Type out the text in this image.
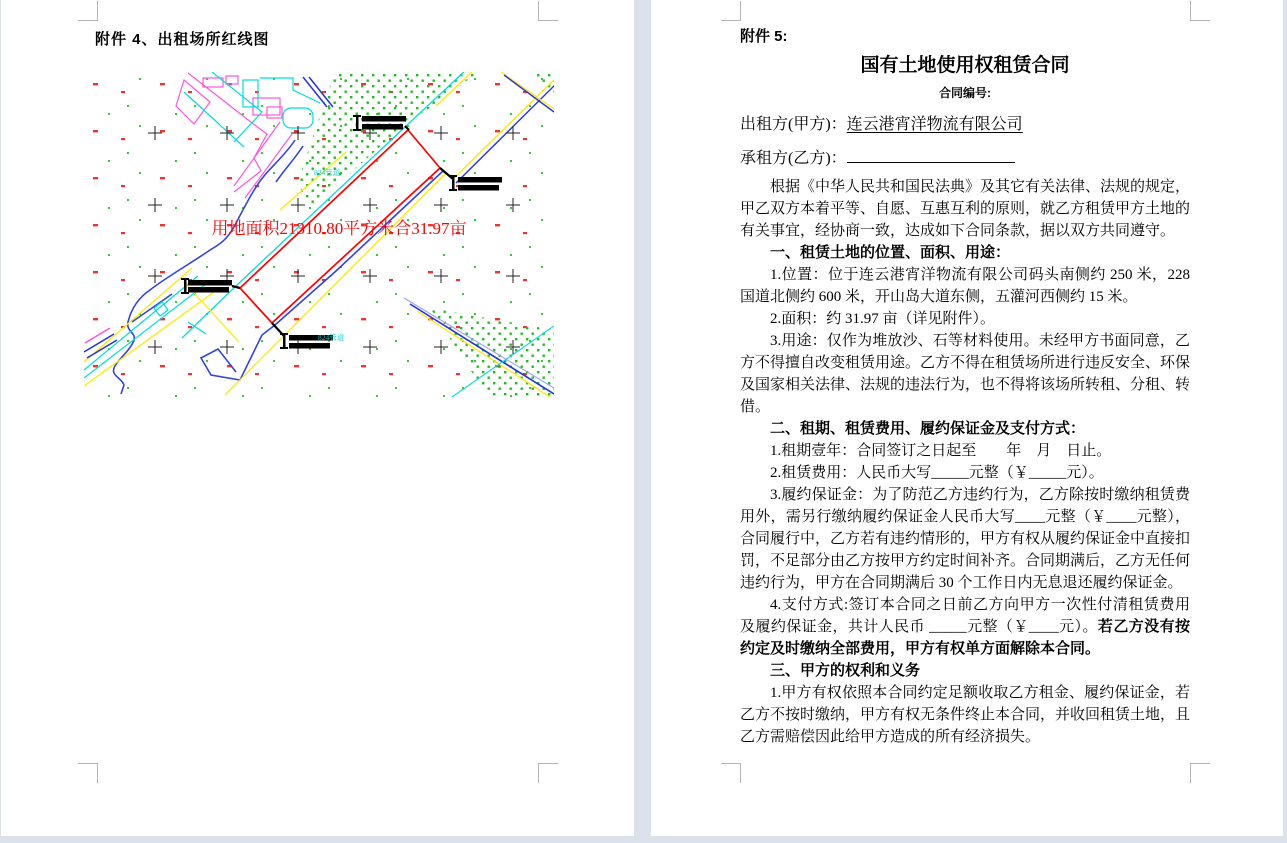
附件 4、出租场所红线图
824管道
824管道
用地面积21310.80平方米合31.97亩
附件 5:
国有土地使用权租赁合同
合同编号:
出租方(甲方)：连云港宵洋物流有限公司
承租方(乙方)：
根据《中华人民共和国民法典》及其它有关法律、法规的规定，甲乙双方本着平等、自愿、互惠互利的原则，就乙方租赁甲方土地的有关事宜，经协商一致，达成如下合同条款，据以双方共同遵守。
一、租赁土地的位置、面积、用途：
1.位置：位于连云港宵洋物流有限公司码头南侧约 250 米，228国道北侧约 600 米，开山岛大道东侧，五灌河西侧约 15 米。
2.面积：约 31.97 亩（详见附件）。
3.用途：仅作为堆放沙、石等材料使用。未经甲方书面同意，乙方不得擅自改变租赁用途。乙方不得在租赁场所进行违反安全、环保及国家相关法律、法规的违法行为，也不得将该场所转租、分租、转借。
二、租期、租赁费用、履约保证金及支付方式：
1.租期壹年：合同签订之日起至　　年　月　日止。
2.租赁费用：人民币大写_____元整（￥_____元）。
3.履约保证金：为了防范乙方违约行为，乙方除按时缴纳租赁费用外，需另行缴纳履约保证金人民币大写____元整（￥____元整），合同履行中，乙方若有违约情形的，甲方有权从履约保证金中直接扣罚，不足部分由乙方按甲方约定时间补齐。合同期满后，乙方无任何违约行为，甲方在合同期满后 30 个工作日内无息退还履约保证金。
4.支付方式:签订本合同之日前乙方向甲方一次性付清租赁费用及履约保证金，共计人民币 _____元整（￥____元）。若乙方没有按约定及时缴纳全部费用，甲方有权单方面解除本合同。
三、甲方的权利和义务
1.甲方有权依照本合同约定足额收取乙方租金、履约保证金，若乙方不按时缴纳，甲方有权无条件终止本合同，并收回租赁土地，且乙方需赔偿因此给甲方造成的所有经济损失。
